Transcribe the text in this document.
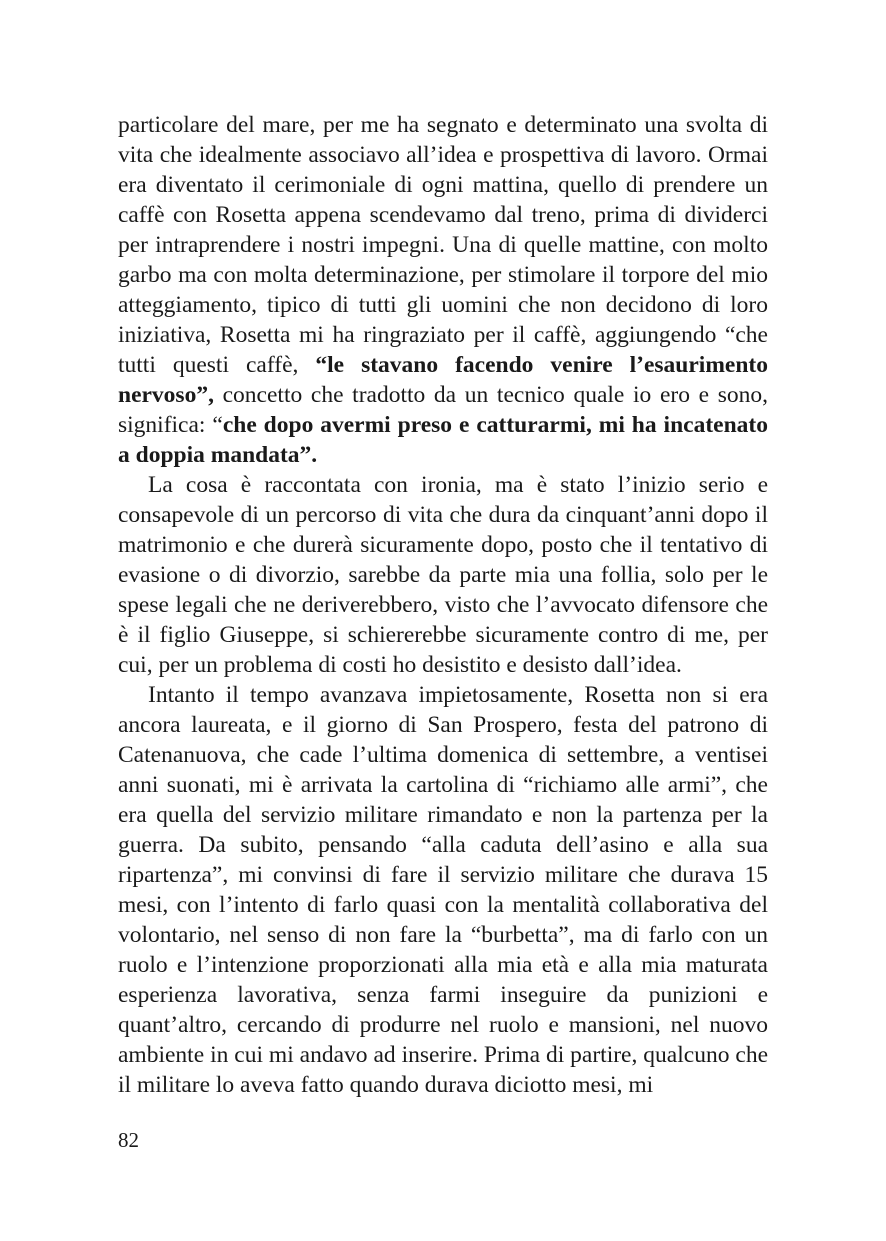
particolare del mare, per me ha segnato e determinato una svolta di vita che idealmente associavo all’idea e prospettiva di lavoro. Ormai era diventato il cerimoniale di ogni mattina, quello di prendere un caffè con Rosetta appena scendevamo dal treno, prima di dividerci per intraprendere i nostri impegni. Una di quelle mattine, con molto garbo ma con molta determinazione, per stimolare il torpore del mio atteggiamento, tipico di tutti gli uomini che non decidono di loro iniziativa, Rosetta mi ha ringraziato per il caffè, aggiungendo “che tutti questi caffè, “le stavano facendo venire l’esaurimento nervoso”, concetto che tradotto da un tecnico quale io ero e sono, significa: “che dopo avermi preso e catturarmi, mi ha incatenato a doppia mandata”.

La cosa è raccontata con ironia, ma è stato l’inizio serio e consapevole di un percorso di vita che dura da cinquant’anni dopo il matrimonio e che durerà sicuramente dopo, posto che il tentativo di evasione o di divorzio, sarebbe da parte mia una follia, solo per le spese legali che ne deriverebbero, visto che l’avvocato difensore che è il figlio Giuseppe, si schiererebbe sicuramente contro di me, per cui, per un problema di costi ho desistito e desisto dall’idea.

Intanto il tempo avanzava impietosamente, Rosetta non si era ancora laureata, e il giorno di San Prospero, festa del patrono di Catenanuova, che cade l’ultima domenica di settembre, a ventisei anni suonati, mi è arrivata la cartolina di “richiamo alle armi”, che era quella del servizio militare rimandato e non la partenza per la guerra. Da subito, pensando “alla caduta dell’asino e alla sua ripartenza”, mi convinsi di fare il servizio militare che durava 15 mesi, con l’intento di farlo quasi con la mentalità collaborativa del volontario, nel senso di non fare la “burbetta”, ma di farlo con un ruolo e l’intenzione proporzionati alla mia età e alla mia maturata esperienza lavorativa, senza farmi inseguire da punizioni e quant’altro, cercando di produrre nel ruolo e mansioni, nel nuovo ambiente in cui mi andavo ad inserire. Prima di partire, qualcuno che il militare lo aveva fatto quando durava diciotto mesi, mi

82
